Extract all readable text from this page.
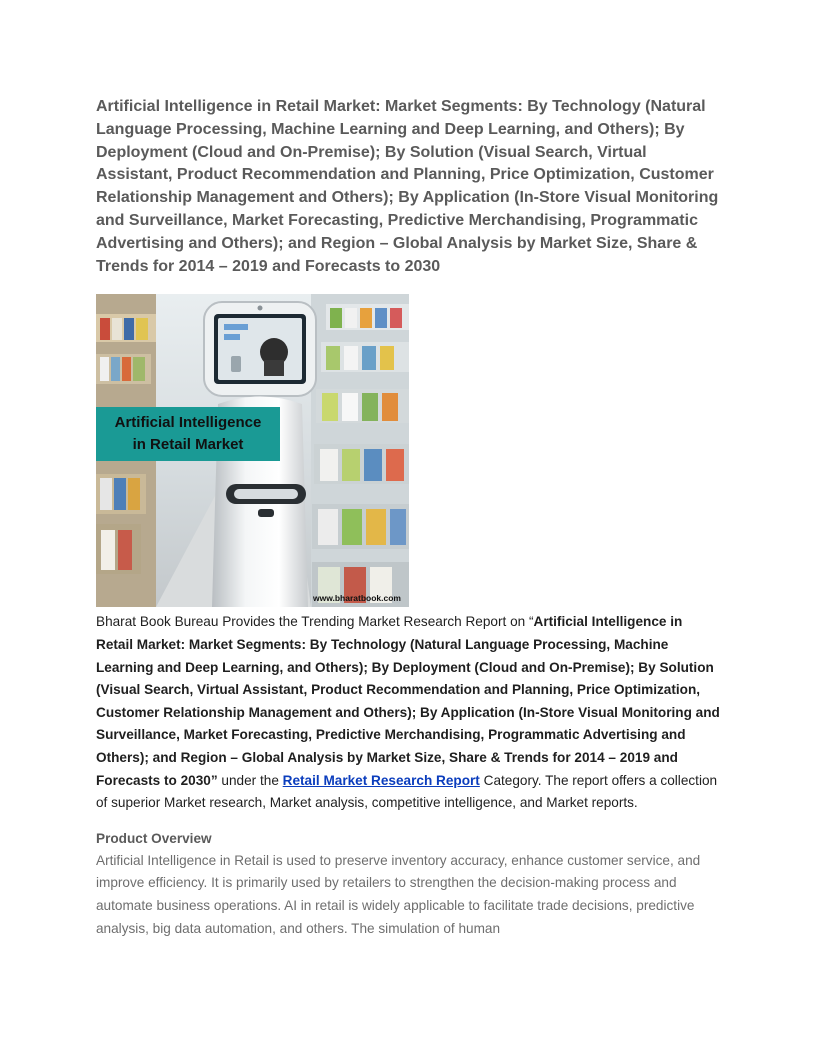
Artificial Intelligence in Retail Market: Market Segments: By Technology (Natural Language Processing, Machine Learning and Deep Learning, and Others); By Deployment (Cloud and On-Premise); By Solution (Visual Search, Virtual Assistant, Product Recommendation and Planning, Price Optimization, Customer Relationship Management and Others); By Application (In-Store Visual Monitoring and Surveillance, Market Forecasting, Predictive Merchandising, Programmatic Advertising and Others); and Region – Global Analysis by Market Size, Share & Trends for 2014 – 2019 and Forecasts to 2030
Artificial Intelligence
in Retail Market
www.bharatbook.com

Bharat Book Bureau Provides the Trending Market Research Report on “Artificial Intelligence in Retail Market: Market Segments: By Technology (Natural Language Processing, Machine Learning and Deep Learning, and Others); By Deployment (Cloud and On-Premise); By Solution (Visual Search, Virtual Assistant, Product Recommendation and Planning, Price Optimization, Customer Relationship Management and Others); By Application (In-Store Visual Monitoring and Surveillance, Market Forecasting, Predictive Merchandising, Programmatic Advertising and Others); and Region – Global Analysis by Market Size, Share & Trends for 2014 – 2019 and Forecasts to 2030” under the Retail Market Research Report Category. The report offers a collection of superior Market research, Market analysis, competitive intelligence, and Market reports.

Product Overview

Artificial Intelligence in Retail is used to preserve inventory accuracy, enhance customer service, and improve efficiency. It is primarily used by retailers to strengthen the decision-making process and automate business operations. AI in retail is widely applicable to facilitate trade decisions, predictive analysis, big data automation, and others. The simulation of human
